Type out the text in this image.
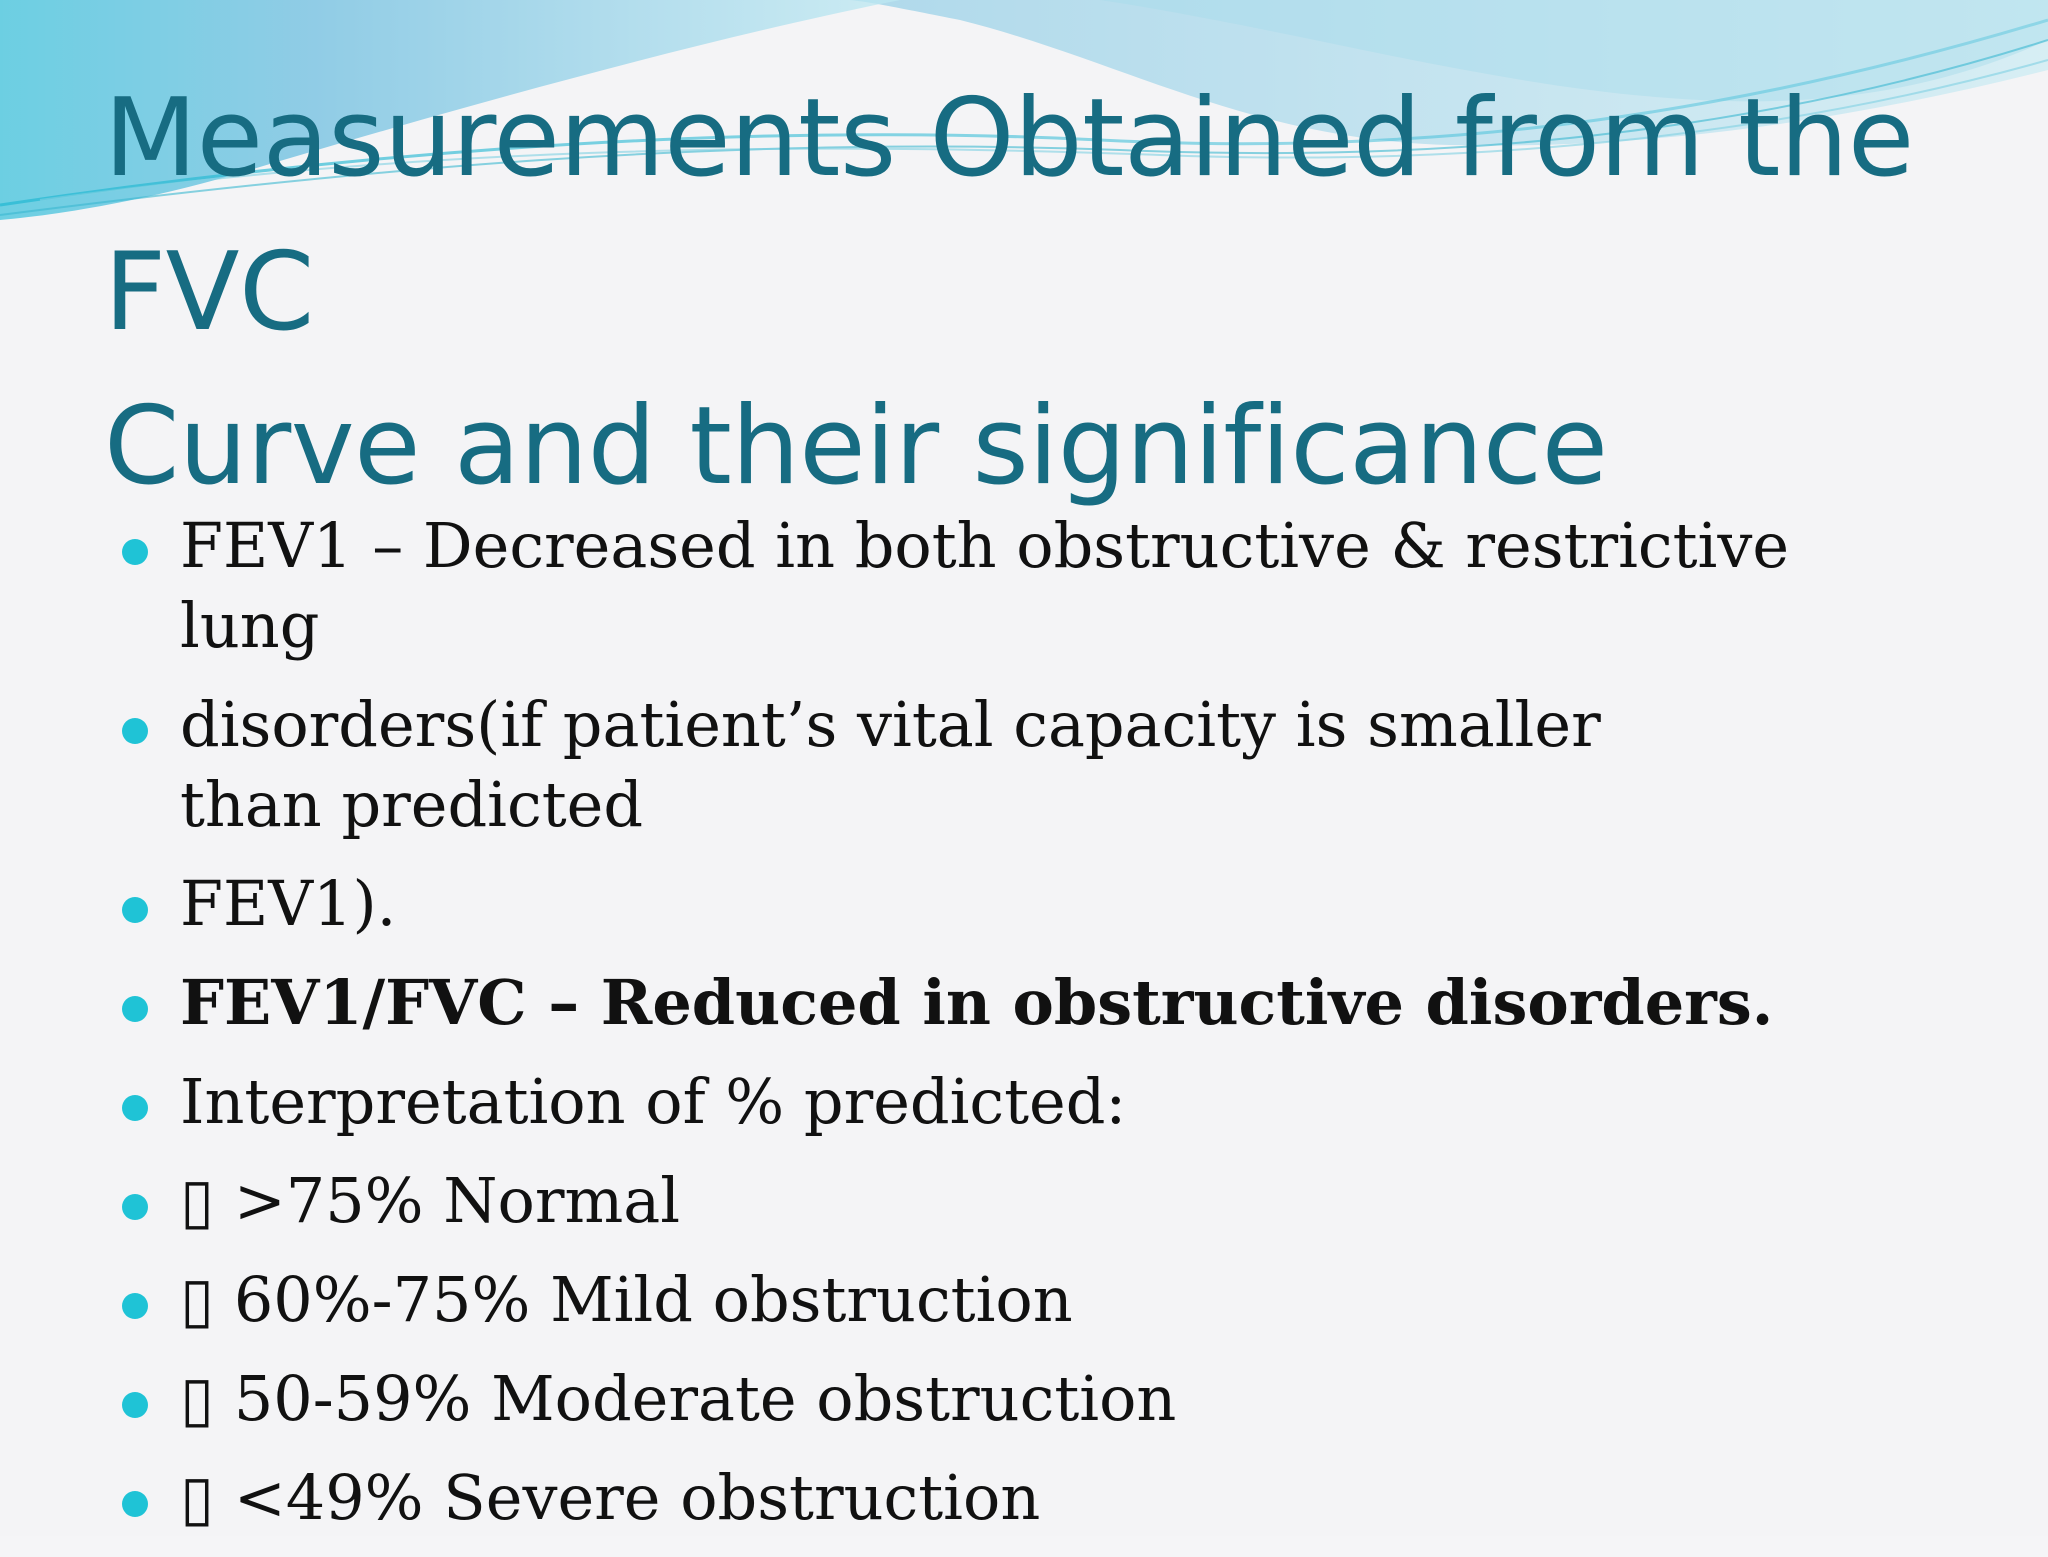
Measurements Obtained from the
FVC
Curve and their significance
FEV1 – Decreased in both obstructive & restrictive lung
disorders(if patient’s vital capacity is smaller than predicted
FEV1).
FEV1/FVC – Reduced in obstructive disorders.
Interpretation of % predicted:
▯ >75% Normal
▯ 60%-75% Mild obstruction
▯ 50-59% Moderate obstruction
▯ <49% Severe obstruction
